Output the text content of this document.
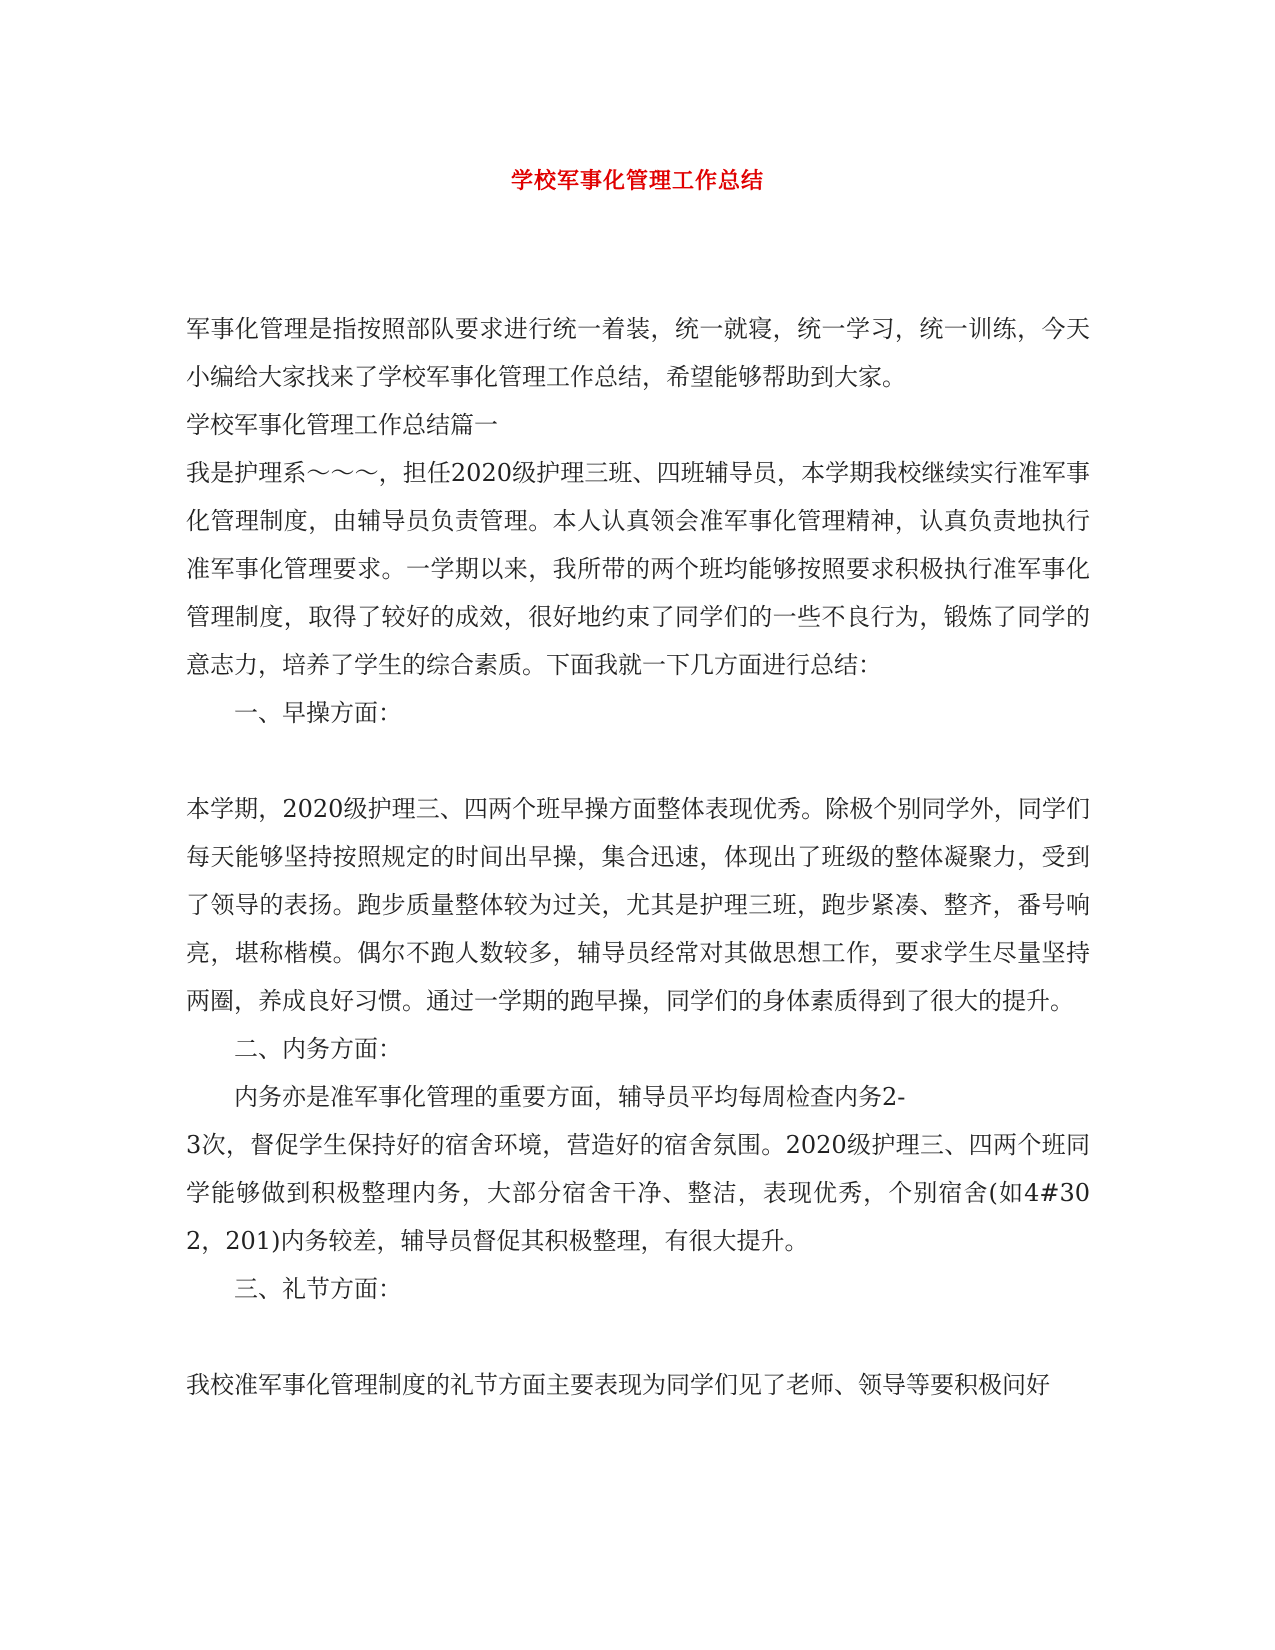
学校军事化管理工作总结

军事化管理是指按照部队要求进行统一着装，统一就寝，统一学习，统一训练，今天小编给大家找来了学校军事化管理工作总结，希望能够帮助到大家。

学校军事化管理工作总结篇一

我是护理系～～～，担任2020级护理三班、四班辅导员，本学期我校继续实行准军事化管理制度，由辅导员负责管理。本人认真领会准军事化管理精神，认真负责地执行准军事化管理要求。一学期以来，我所带的两个班均能够按照要求积极执行准军事化管理制度，取得了较好的成效，很好地约束了同学们的一些不良行为，锻炼了同学的意志力，培养了学生的综合素质。下面我就一下几方面进行总结：

一、早操方面：

本学期，2020级护理三、四两个班早操方面整体表现优秀。除极个别同学外，同学们每天能够坚持按照规定的时间出早操，集合迅速，体现出了班级的整体凝聚力，受到了领导的表扬。跑步质量整体较为过关，尤其是护理三班，跑步紧凑、整齐，番号响亮，堪称楷模。偶尔不跑人数较多，辅导员经常对其做思想工作，要求学生尽量坚持两圈，养成良好习惯。通过一学期的跑早操，同学们的身体素质得到了很大的提升。

二、内务方面：

内务亦是准军事化管理的重要方面，辅导员平均每周检查内务2-

3次，督促学生保持好的宿舍环境，营造好的宿舍氛围。2020级护理三、四两个班同学能够做到积极整理内务，大部分宿舍干净、整洁，表现优秀，个别宿舍(如4#302，201)内务较差，辅导员督促其积极整理，有很大提升。

三、礼节方面：

我校准军事化管理制度的礼节方面主要表现为同学们见了老师、领导等要积极问好
